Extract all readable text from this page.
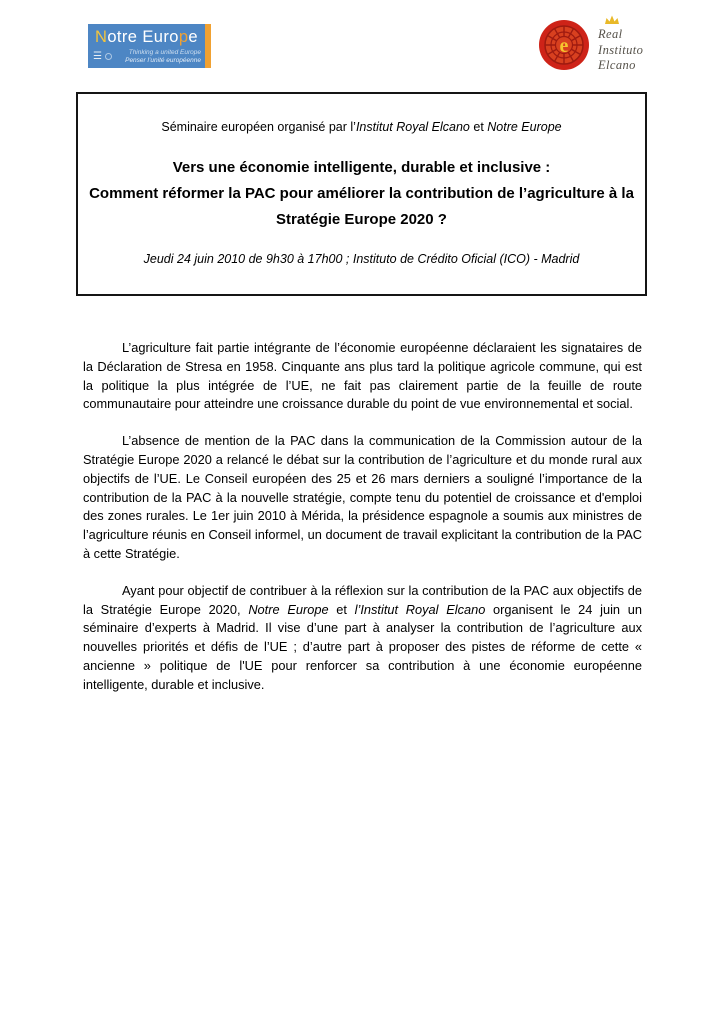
Notre Europe
☰	Thinking a united Europe
Penser l’unité européenne
e
Real
Instituto
Elcano
Séminaire européen organisé par l’Institut Royal Elcano et Notre Europe
Vers une économie intelligente, durable et inclusive :
Comment réformer la PAC pour améliorer la contribution de l’agriculture à la
Stratégie Europe 2020 ?
Jeudi 24 juin 2010 de 9h30 à 17h00 ; Instituto de Crédito Oficial (ICO) - Madrid

L’agriculture fait partie intégrante de l’économie européenne déclaraient les signataires de la Déclaration de Stresa en 1958. Cinquante ans plus tard la politique agricole commune, qui est la politique la plus intégrée de l’UE, ne fait pas clairement partie de la feuille de route communautaire pour atteindre une croissance durable du point de vue environnemental et social.

L’absence de mention de la PAC dans la communication de la Commission autour de la Stratégie Europe 2020 a relancé le débat sur la contribution de l’agriculture et du monde rural aux objectifs de l’UE. Le Conseil européen des 25 et 26 mars derniers a souligné l’importance de la contribution de la PAC à la nouvelle stratégie, compte tenu du potentiel de croissance et d'emploi des zones rurales. Le 1er juin 2010 à Mérida, la présidence espagnole a soumis aux ministres de l’agriculture réunis en Conseil informel, un document de travail explicitant la contribution de la PAC à cette Stratégie.

Ayant pour objectif de contribuer à la réflexion sur la contribution de la PAC aux objectifs de la Stratégie Europe 2020, Notre Europe et l’Institut Royal Elcano organisent le 24 juin un séminaire d’experts à Madrid. Il vise d’une part à analyser la contribution de l’agriculture aux nouvelles priorités et défis de l’UE ; d’autre part à proposer des pistes de réforme de cette « ancienne » politique de l'UE pour renforcer sa contribution à une économie européenne intelligente, durable et inclusive.
